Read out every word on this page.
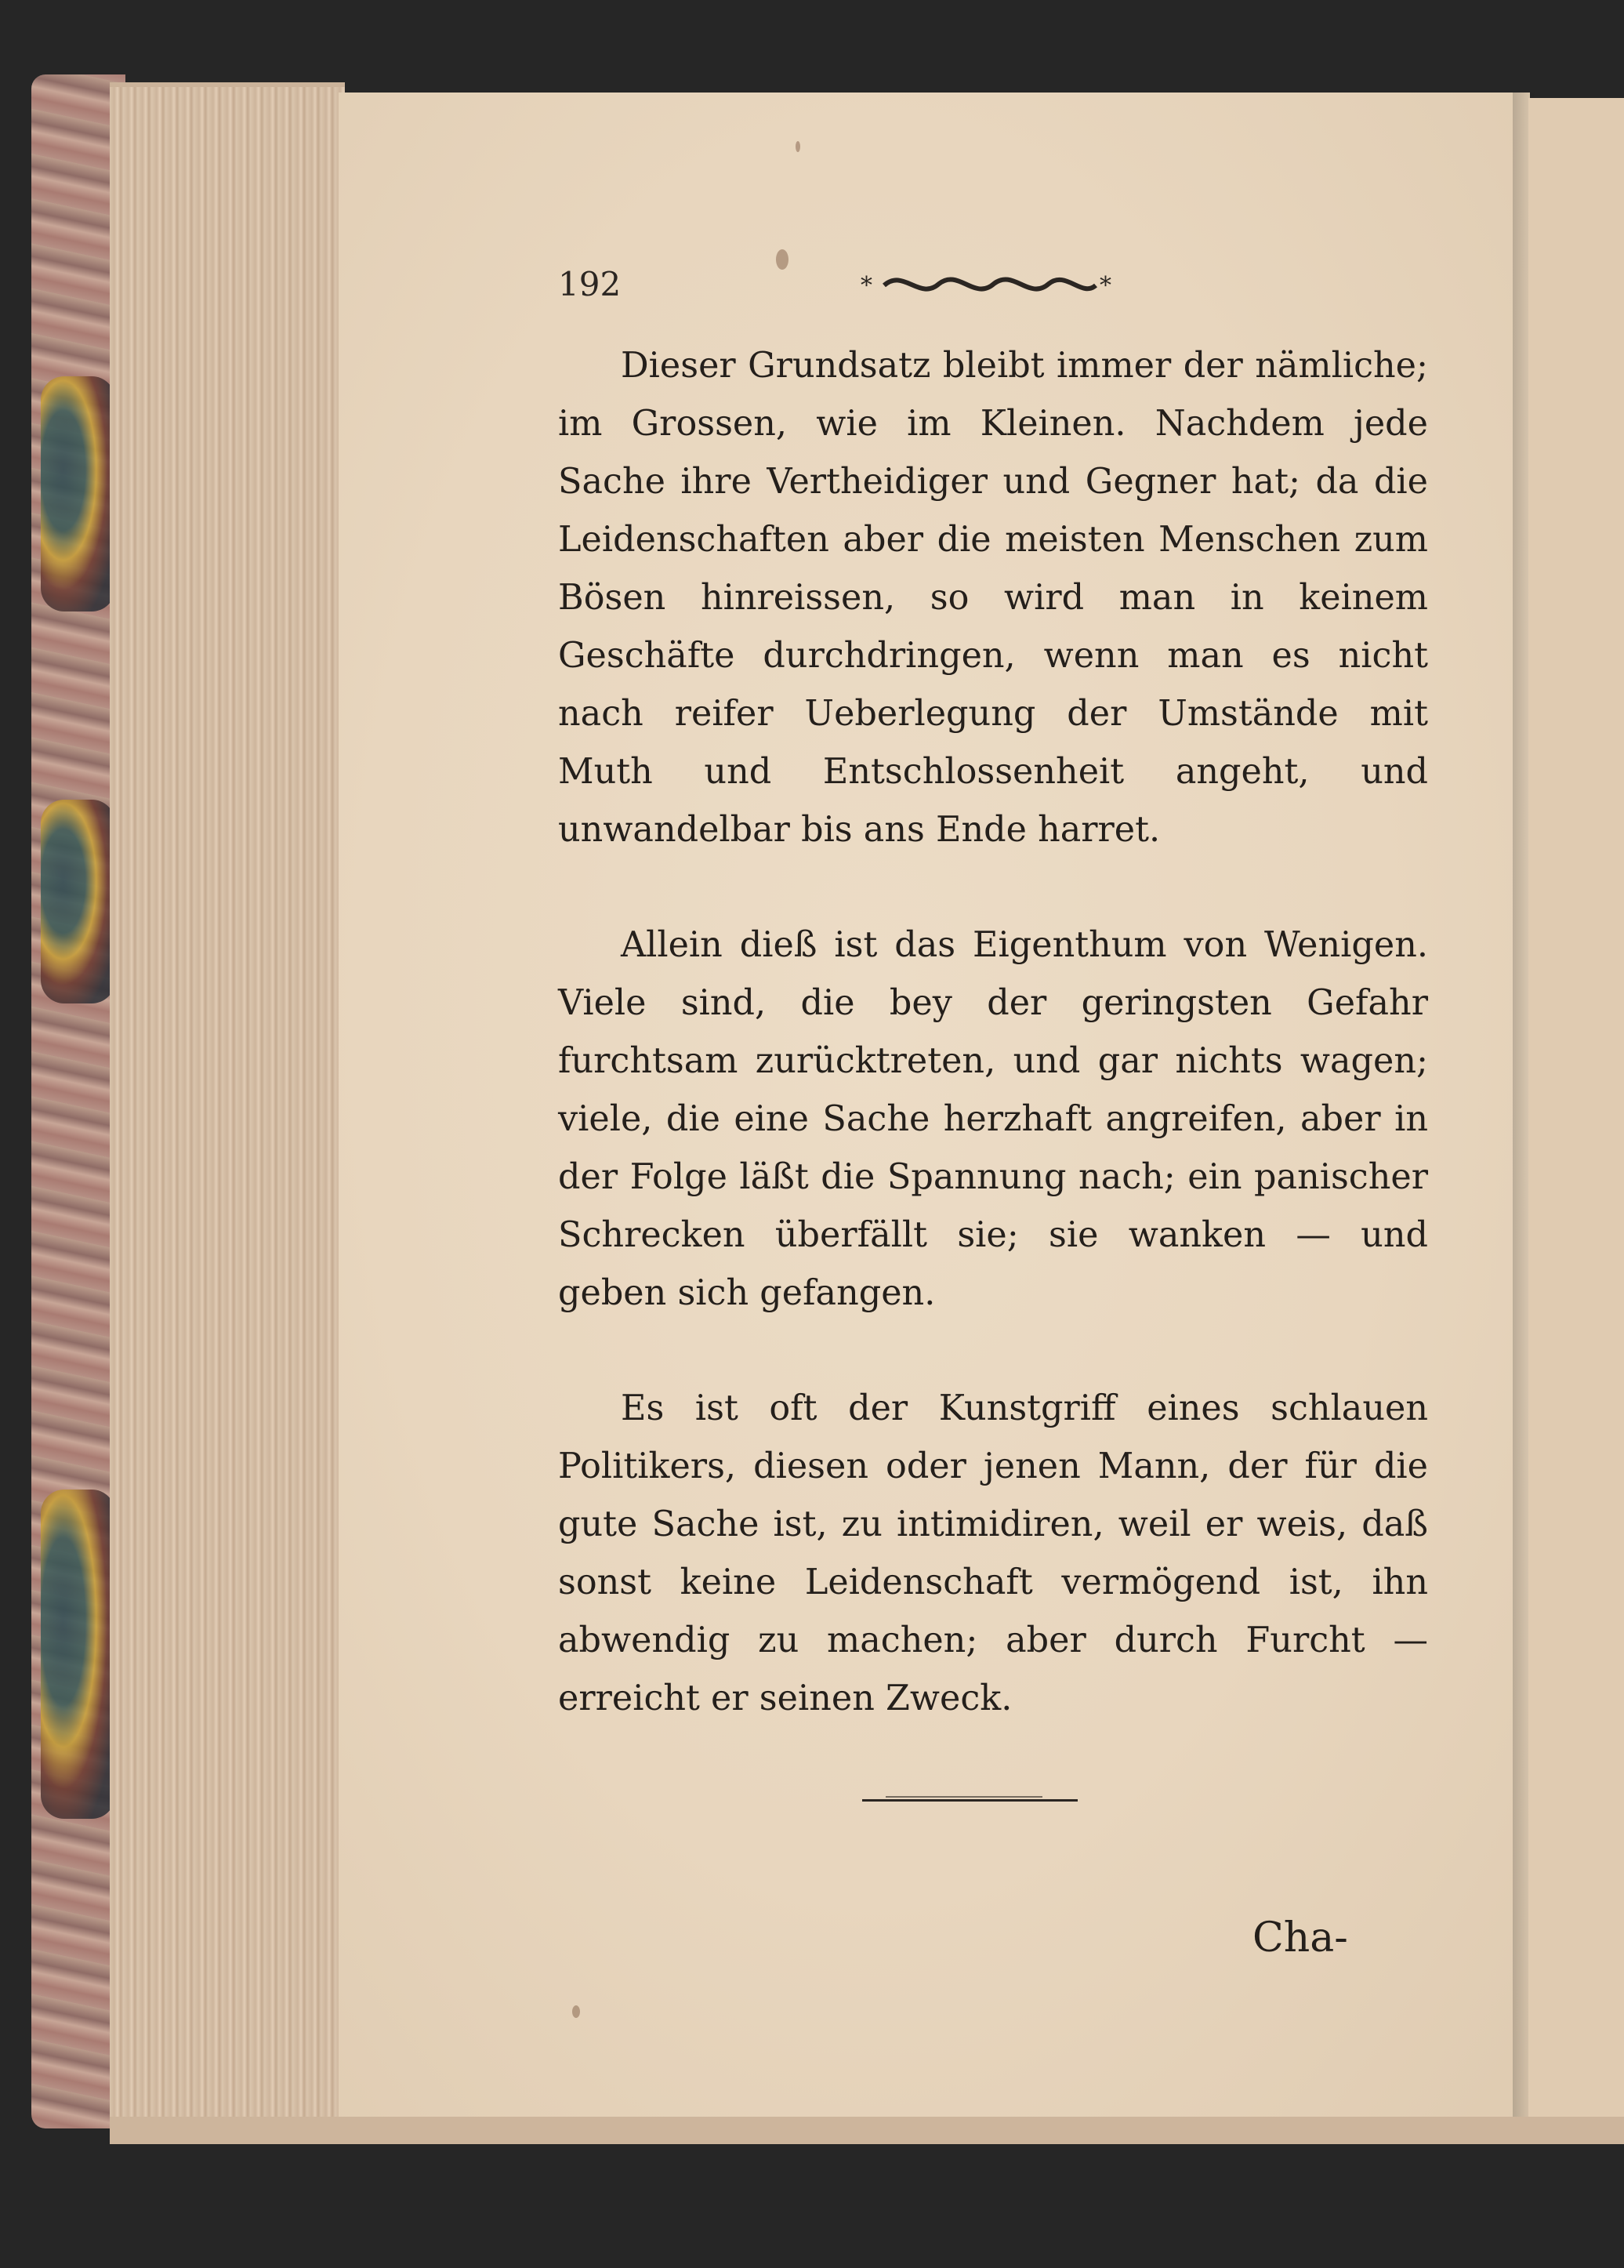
192	*	*

Dieser Grundsatz bleibt immer der nämliche; im Grossen, wie im Kleinen. Nachdem jede Sache ihre Vertheidiger und Gegner hat; da die Leidenschaften aber die meisten Menschen zum Bösen hinreissen, so wird man in keinem Geschäfte durchdringen, wenn man es nicht nach reifer Ueberlegung der Umstände mit Muth und Entschlossenheit angeht, und unwandelbar bis ans Ende harret.

Allein dieß ist das Eigenthum von Wenigen. Viele sind, die bey der geringsten Gefahr furchtsam zurücktreten, und gar nichts wagen; viele, die eine Sache herzhaft angreifen, aber in der Folge läßt die Spannung nach; ein panischer Schrecken überfällt sie; sie wanken — und geben sich gefangen.

Es ist oft der Kunstgriff eines schlauen Politikers, diesen oder jenen Mann, der für die gute Sache ist, zu intimidiren, weil er weis, daß sonst keine Leidenschaft vermögend ist, ihn abwendig zu machen; aber durch Furcht — erreicht er seinen Zweck.

Cha-
